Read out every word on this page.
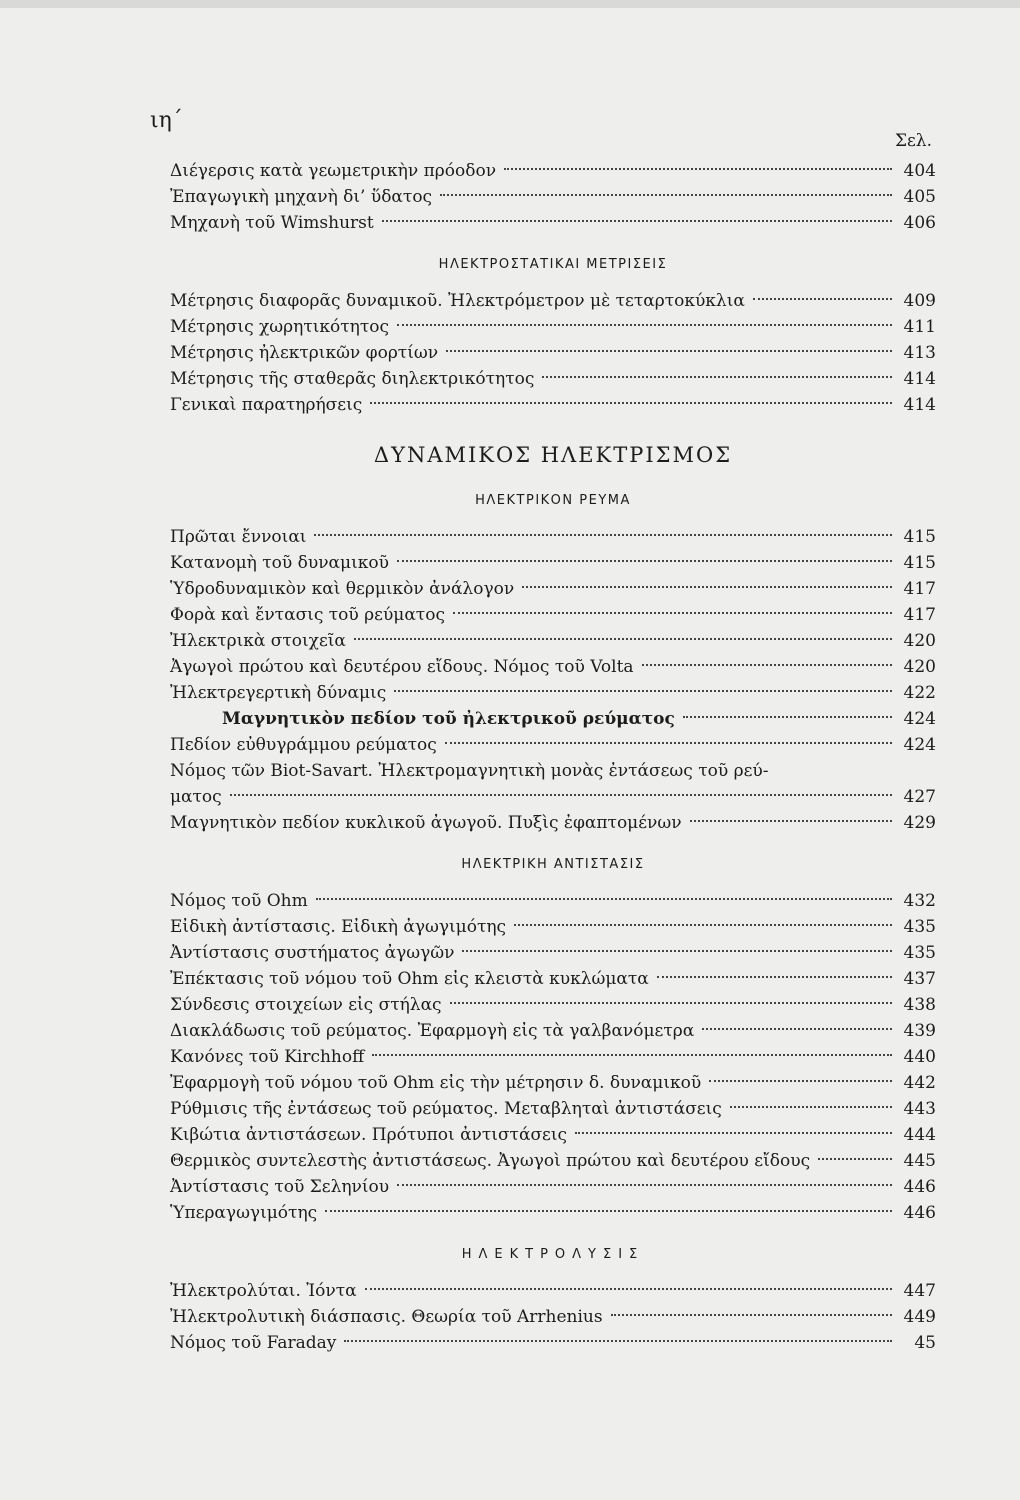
ιη΄
Σελ.
Διέγερσις κατὰ γεωμετρικὴν πρόοδον	404
Ἐπαγωγικὴ μηχανὴ δι’ ὕδατος	405
Μηχανὴ τοῦ Wimshurst	406
ΗΛΕΚΤΡΟΣΤΑΤΙΚΑΙ ΜΕΤΡΙΣΕΙΣ
Μέτρησις διαφορᾶς δυναμικοῦ. Ἠλεκτρόμετρον μὲ τεταρτοκύκλια	409
Μέτρησις χωρητικότητος	411
Μέτρησις ἠλεκτρικῶν φορτίων	413
Μέτρησις τῆς σταθερᾶς διηλεκτρικότητος	414
Γενικαὶ παρατηρήσεις	414
ΔΥΝΑΜΙΚΟΣ ΗΛΕΚΤΡΙΣΜΟΣ
ΗΛΕΚΤΡΙΚΟΝ ΡΕΥΜΑ
Πρῶται ἔννοιαι	415
Κατανομὴ τοῦ δυναμικοῦ	415
Ὑδροδυναμικὸν καὶ θερμικὸν ἀνάλογον	417
Φορὰ καὶ ἔντασις τοῦ ρεύματος	417
Ἠλεκτρικὰ στοιχεῖα	420
Ἀγωγοὶ πρώτου καὶ δευτέρου εἴδους. Νόμος τοῦ Volta	420
Ἠλεκτρεγερτικὴ δύναμις	422
Μαγνητικὸν πεδίον τοῦ ἠλεκτρικοῦ ρεύματος	424
Πεδίον εὐθυγράμμου ρεύματος	424
Νόμος τῶν Biot-Savart. Ἠλεκτρομαγνητικὴ μονὰς ἐντάσεως τοῦ ρεύ-
ματος	427
Μαγνητικὸν πεδίον κυκλικοῦ ἀγωγοῦ. Πυξὶς ἐφαπτομένων	429
ΗΛΕΚΤΡΙΚΗ ΑΝΤΙΣΤΑΣΙΣ
Νόμος τοῦ Ohm	432
Εἰδικὴ ἀντίστασις. Εἰδικὴ ἀγωγιμότης	435
Ἀντίστασις συστήματος ἀγωγῶν	435
Ἐπέκτασις τοῦ νόμου τοῦ Ohm εἰς κλειστὰ κυκλώματα	437
Σύνδεσις στοιχείων εἰς στήλας	438
Διακλάδωσις τοῦ ρεύματος. Ἐφαρμογὴ εἰς τὰ γαλβανόμετρα	439
Κανόνες τοῦ Kirchhoff	440
Ἐφαρμογὴ τοῦ νόμου τοῦ Ohm εἰς τὴν μέτρησιν δ. δυναμικοῦ	442
Ρύθμισις τῆς ἐντάσεως τοῦ ρεύματος. Μεταβληταὶ ἀντιστάσεις	443
Κιβώτια ἀντιστάσεων. Πρότυποι ἀντιστάσεις	444
Θερμικὸς συντελεστὴς ἀντιστάσεως. Ἀγωγοὶ πρώτου καὶ δευτέρου εἴδους	445
Ἀντίστασις τοῦ Σεληνίου	446
Ὑπεραγωγιμότης	446
ΗΛΕΚΤΡΟΛΥΣΙΣ
Ἠλεκτρολύται. Ἰόντα	447
Ἠλεκτρολυτικὴ διάσπασις. Θεωρία τοῦ Arrhenius	449
Νόμος τοῦ Faraday	45
